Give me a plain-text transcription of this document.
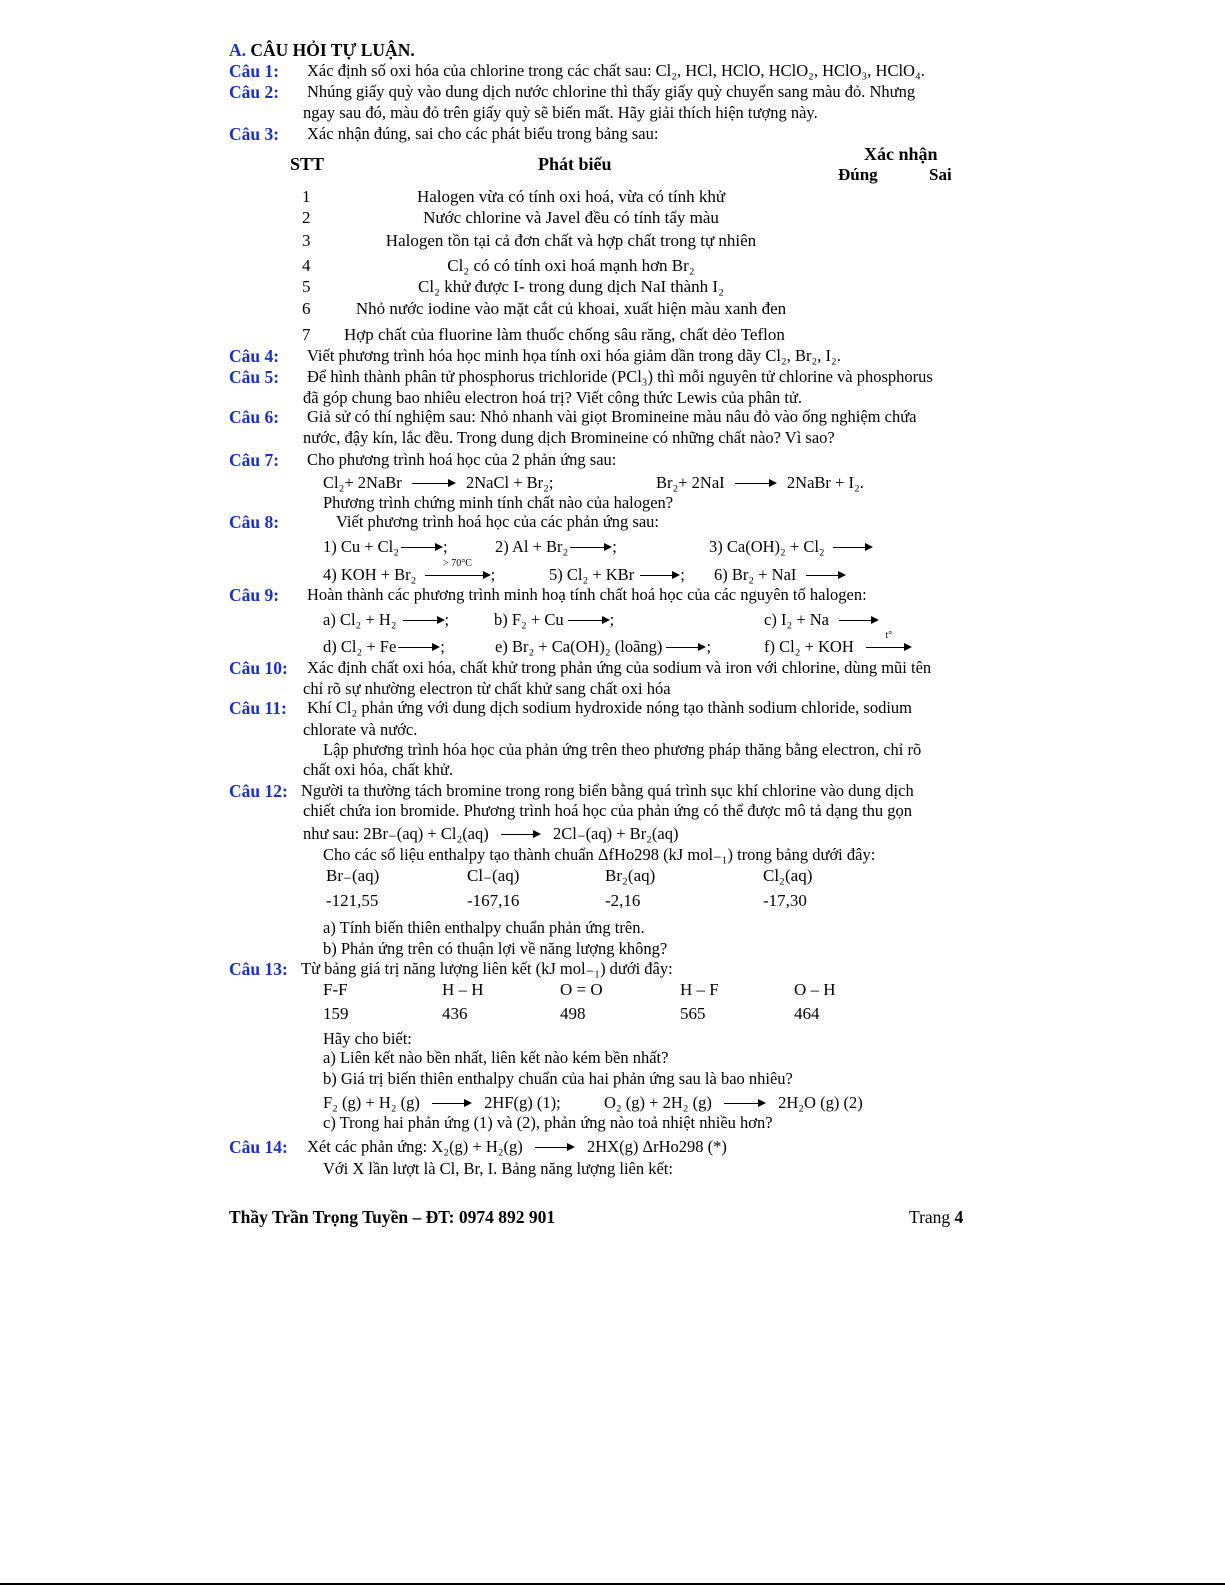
A. CÂU HỎI TỰ LUẬN.
Câu 1: Xác định số oxi hóa của chlorine trong các chất sau: Cl₂, HCl, HClO, HClO₂, HClO₃, HClO₄.
Câu 2: Nhúng giấy quỳ vào dung dịch nước chlorine thì thấy giấy quỳ chuyển sang màu đỏ. Nhưng
ngay sau đó, màu đỏ trên giấy quỳ sẽ biến mất. Hãy giải thích hiện tượng này.
Câu 3: Xác nhận đúng, sai cho các phát biểu trong bảng sau:
STT	Phát biểu	Xác nhận
Đúng	Sai
1	Halogen vừa có tính oxi hoá, vừa có tính khử
2	Nước chlorine và Javel đều có tính tẩy màu
3	Halogen tồn tại cả đơn chất và hợp chất trong tự nhiên
4	Cl₂ có có tính oxi hoá mạnh hơn Br₂
5	Cl₂ khử được I- trong dung dịch NaI thành I₂
6	Nhỏ nước iodine vào mặt cắt củ khoai, xuất hiện màu xanh đen
7 Hợp chất của fluorine làm thuốc chống sâu răng, chất dẻo Teflon
Câu 4: Viết phương trình hóa học minh họa tính oxi hóa giảm dần trong dãy Cl₂, Br₂, I₂.
Câu 5: Để hình thành phân tử phosphorus trichloride (PCl₃) thì mỗi nguyên tử chlorine và phosphorus
đã góp chung bao nhiêu electron hoá trị? Viết công thức Lewis của phân tử.
Câu 6: Giả sử có thí nghiệm sau: Nhỏ nhanh vài giọt Bromineine màu nâu đỏ vào ống nghiệm chứa
nước, đậy kín, lắc đều. Trong dung dịch Bromineine có những chất nào? Vì sao?
Câu 7: Cho phương trình hoá học của 2 phản ứng sau:
Cl₂+ 2NaBr	2NaCl + Br₂;	Br₂+ 2NaI	2NaBr + I₂.
Phương trình chứng minh tính chất nào của halogen?
Câu 8:	Viết phương trình hoá học của các phản ứng sau:
1) Cu + Cl₂	;	2) Al + Br₂	;	3) Ca(OH)₂ + Cl₂
4) KOH + Br₂
> 70°C
;	5) Cl₂ + KBr	; 6) Br₂ + NaI
Câu 9: Hoàn thành các phương trình minh hoạ tính chất hoá học của các nguyên tố halogen:
a) Cl₂ + H₂	;	b) F₂ + Cu	;	c) I₂ + Na
d) Cl₂ + Fe	;	e) Br₂ + Ca(OH)₂ (loãng)	;	f) Cl₂ + KOH
t°
Câu 10: Xác định chất oxi hóa, chất khử trong phản ứng của sodium và iron với chlorine, dùng mũi tên
chỉ rõ sự nhường electron từ chất khử sang chất oxi hóa
Câu 11: Khí Cl₂ phản ứng với dung dịch sodium hydroxide nóng tạo thành sodium chloride, sodium
chlorate và nước.
Lập phương trình hóa học của phản ứng trên theo phương pháp thăng bằng electron, chỉ rõ
chất oxi hóa, chất khử.
Câu 12: Người ta thường tách bromine trong rong biển bằng quá trình sục khí chlorine vào dung dịch
chiết chứa ion bromide. Phương trình hoá học của phản ứng có thể được mô tả dạng thu gọn
như sau: 2Br₋(aq) + Cl₂(aq)	2Cl₋(aq) + Br₂(aq)
Cho các số liệu enthalpy tạo thành chuẩn ΔfHo298 (kJ mol₋₁) trong bảng dưới đây:
Br₋(aq)	Cl₋(aq)	Br₂(aq)	Cl₂(aq)
-121,55	-167,16	-2,16	-17,30
a) Tính biến thiên enthalpy chuẩn phản ứng trên.
b) Phản ứng trên có thuận lợi về năng lượng không?
Câu 13: Từ bảng giá trị năng lượng liên kết (kJ mol₋₁) dưới đây:
F-F	H – H	O = O	H – F	O – H
159	436	498	565	464
Hãy cho biết:
a) Liên kết nào bền nhất, liên kết nào kém bền nhất?
b) Giá trị biến thiên enthalpy chuẩn của hai phản ứng sau là bao nhiêu?
F₂ (g) + H₂ (g)	2HF(g) (1);	O₂ (g) + 2H₂ (g)	2H₂O (g) (2)
c) Trong hai phản ứng (1) và (2), phản ứng nào toả nhiệt nhiều hơn?
Câu 14: Xét các phản ứng: X₂(g) + H₂(g)	2HX(g) ΔrHo298 (*)
Với X lần lượt là Cl, Br, I. Bảng năng lượng liên kết:
Thầy Trần Trọng Tuyền – ĐT: 0974 892 901	Trang 4
